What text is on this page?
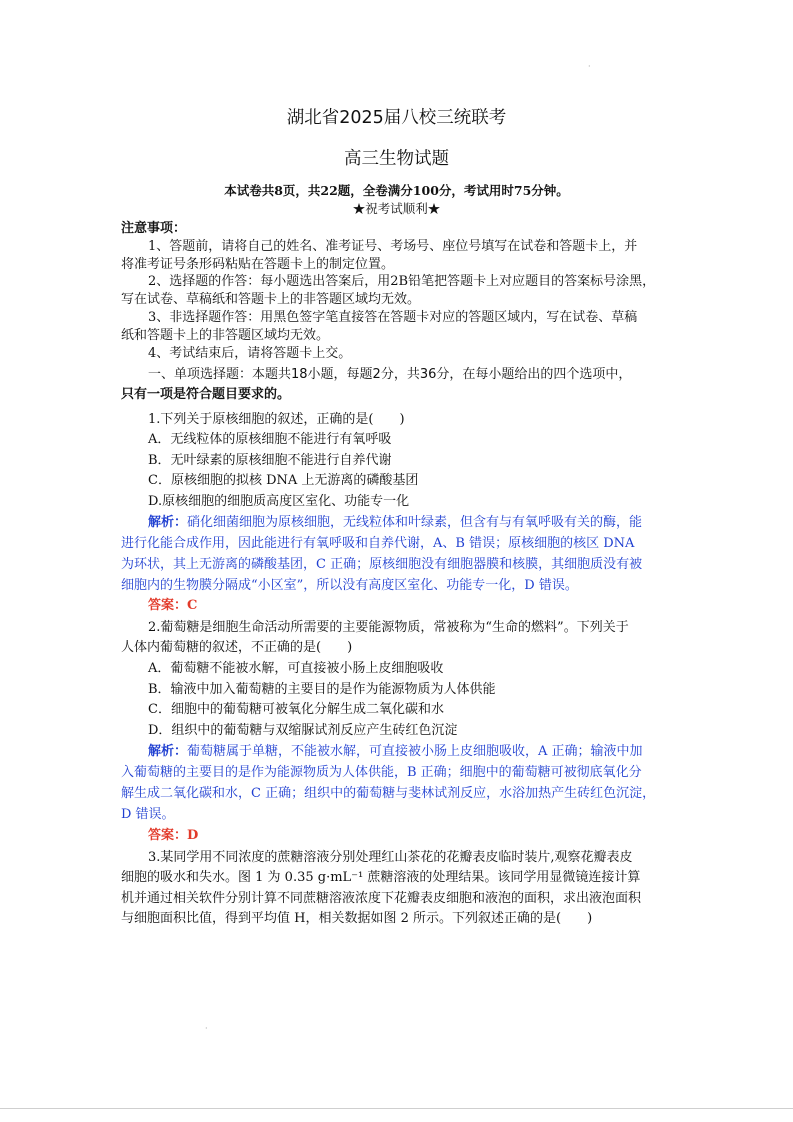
·
湖北省2025届八校三统联考
高三生物试题
本试卷共8页，共22题，全卷满分100分，考试用时75分钟。
★祝考试顺利★
注意事项：
1、答题前，请将自己的姓名、准考证号、考场号、座位号填写在试卷和答题卡上，并
将准考证号条形码粘贴在答题卡上的制定位置。
2、选择题的作答：每小题选出答案后，用2B铅笔把答题卡上对应题目的答案标号涂黑，
写在试卷、草稿纸和答题卡上的非答题区域均无效。
3、非选择题作答：用黑色签字笔直接答在答题卡对应的答题区域内，写在试卷、草稿
纸和答题卡上的非答题区域均无效。
4、考试结束后，请将答题卡上交。
一、单项选择题：本题共18小题，每题2分，共36分，在每小题给出的四个选项中，
只有一项是符合题目要求的。
1.下列关于原核细胞的叙述，正确的是(　　)
A．无线粒体的原核细胞不能进行有氧呼吸
B．无叶绿素的原核细胞不能进行自养代谢
C．原核细胞的拟核 DNA 上无游离的磷酸基团
D.原核细胞的细胞质高度区室化、功能专一化
解析：硝化细菌细胞为原核细胞，无线粒体和叶绿素，但含有与有氧呼吸有关的酶，能
进行化能合成作用，因此能进行有氧呼吸和自养代谢，A、B 错误；原核细胞的核区 DNA
为环状，其上无游离的磷酸基团，C 正确；原核细胞没有细胞器膜和核膜，其细胞质没有被
细胞内的生物膜分隔成“小区室”，所以没有高度区室化、功能专一化，D 错误。
答案：C
2.葡萄糖是细胞生命活动所需要的主要能源物质，常被称为“生命的燃料”。下列关于
人体内葡萄糖的叙述，不正确的是(　　)
A．葡萄糖不能被水解，可直接被小肠上皮细胞吸收
B．输液中加入葡萄糖的主要目的是作为能源物质为人体供能
C．细胞中的葡萄糖可被氧化分解生成二氧化碳和水
D．组织中的葡萄糖与双缩脲试剂反应产生砖红色沉淀
解析：葡萄糖属于单糖，不能被水解，可直接被小肠上皮细胞吸收，A 正确；输液中加
入葡萄糖的主要目的是作为能源物质为人体供能，B 正确；细胞中的葡萄糖可被彻底氧化分
解生成二氧化碳和水，C 正确；组织中的葡萄糖与斐林试剂反应，水浴加热产生砖红色沉淀，
D 错误。
答案：D
3.某同学用不同浓度的蔗糖溶液分别处理红山茶花的花瓣表皮临时装片,观察花瓣表皮
细胞的吸水和失水。图 1 为 0.35 g·mL⁻¹ 蔗糖溶液的处理结果。该同学用显微镜连接计算
机并通过相关软件分别计算不同蔗糖溶液浓度下花瓣表皮细胞和液泡的面积，求出液泡面积
与细胞面积比值，得到平均值 H，相关数据如图 2 所示。下列叙述正确的是(　　)
·
